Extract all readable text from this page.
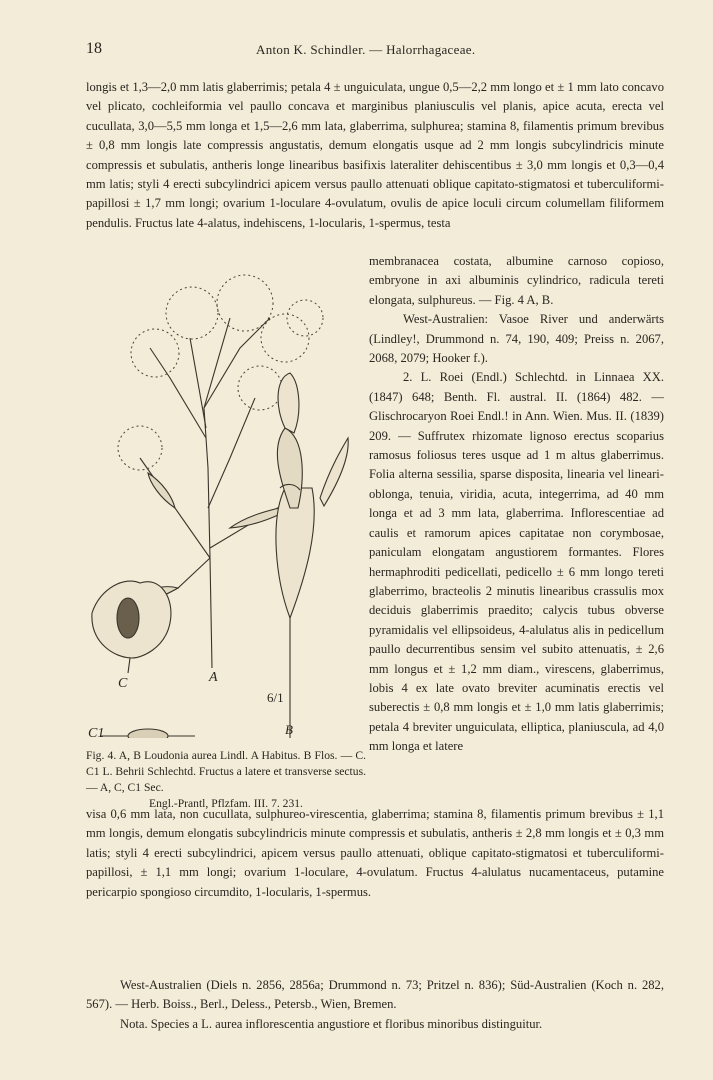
18	Anton K. Schindler. — Halorrhagaceae.

longis et 1,3—2,0 mm latis glaberrimis; petala 4 ± unguiculata, ungue 0,5—2,2 mm longo et ± 1 mm lato concavo vel plicato, cochleiformia vel paullo concava et marginibus planiusculis vel planis, apice acuta, erecta vel cucullata, 3,0—5,5 mm longa et 1,5—2,6 mm lata, glaberrima, sulphurea; stamina 8, filamentis primum brevibus ± 0,8 mm longis late compressis angustatis, demum elongatis usque ad 2 mm longis subcylindricis minute compressis et subulatis, antheris longe linearibus basifixis lateraliter dehiscentibus ± 3,0 mm longis et 0,3—0,4 mm latis; styli 4 erecti subcylindrici apicem versus paullo attenuati oblique capitato-stigmatosi et tuberculiformi-papillosi ± 1,7 mm longi; ovarium 1-loculare 4-ovulatum, ovulis de apice loculi circum columellam filiformem pendulis. Fructus late 4-alatus, indehiscens, 1-locularis, 1-spermus, testa

membranacea costata, albumine carnoso copioso, embryone in axi albuminis cylindrico, radicula tereti elongata, sulphureus. — Fig. 4 A, B.

West-Australien: Vasoe River und anderwärts (Lindley!, Drummond n. 74, 190, 409; Preiss n. 2067, 2068, 2079; Hooker f.).

2. L. Roei (Endl.) Schlechtd. in Linnaea XX. (1847) 648; Benth. Fl. austral. II. (1864) 482. — Glischrocaryon Roei Endl.! in Ann. Wien. Mus. II. (1839) 209. — Suffrutex rhizomate lignoso erectus scoparius ramosus foliosus teres usque ad 1 m altus glaberrimus. Folia alterna sessilia, sparse disposita, linearia vel lineari-oblonga, tenuia, viridia, acuta, integerrima, ad 40 mm longa et ad 3 mm lata, glaberrima. Inflorescentiae ad caulis et ramorum apices capitatae non corymbosae, paniculam elongatam angustiorem formantes. Flores hermaphroditi pedicellati, pedicello ± 6 mm longo tereti glaberrimo, bracteolis 2 minutis linearibus crassulis mox deciduis glaberrimis praedito; calycis tubus obverse pyramidalis vel ellipsoideus, 4-alulatus alis in pedicellum paullo decurrentibus sensim vel subito attenuatis, ± 2,6 mm longus et ± 1,2 mm diam., virescens, glaberrimus, lobis 4 ex late ovato breviter acuminatis erectis vel suberectis ± 0,8 mm longis et ± 1,0 mm latis glaberrimis; petala 4 breviter unguiculata, elliptica, planiuscula, ad 4,0 mm longa et latere

C	A
6/1
C1	B
Fig. 4. A, B Loudonia aurea Lindl. A Habitus. B Flos. — C. C1 L. Behrii Schlechtd. Fructus a latere et transverse sectus. — A, C, C1 Sec.
Engl.-Prantl, Pflzfam. III. 7. 231.

visa 0,6 mm lata, non cucullata, sulphureo-virescentia, glaberrima; stamina 8, filamentis primum brevibus ± 1,1 mm longis, demum elongatis subcylindricis minute compressis et subulatis, antheris ± 2,8 mm longis et ± 0,3 mm latis; styli 4 erecti subcylindrici, apicem versus paullo attenuati, oblique capitato-stigmatosi et tuberculiformi-papillosi, ± 1,1 mm longi; ovarium 1-loculare, 4-ovulatum. Fructus 4-alulatus nucamentaceus, putamine pericarpio spongioso circumdito, 1-locularis, 1-spermus.

West-Australien (Diels n. 2856, 2856a; Drummond n. 73; Pritzel n. 836); Süd-Australien (Koch n. 282, 567). — Herb. Boiss., Berl., Deless., Petersb., Wien, Bremen.

Nota. Species a L. aurea inflorescentia angustiore et floribus minoribus distinguitur.
